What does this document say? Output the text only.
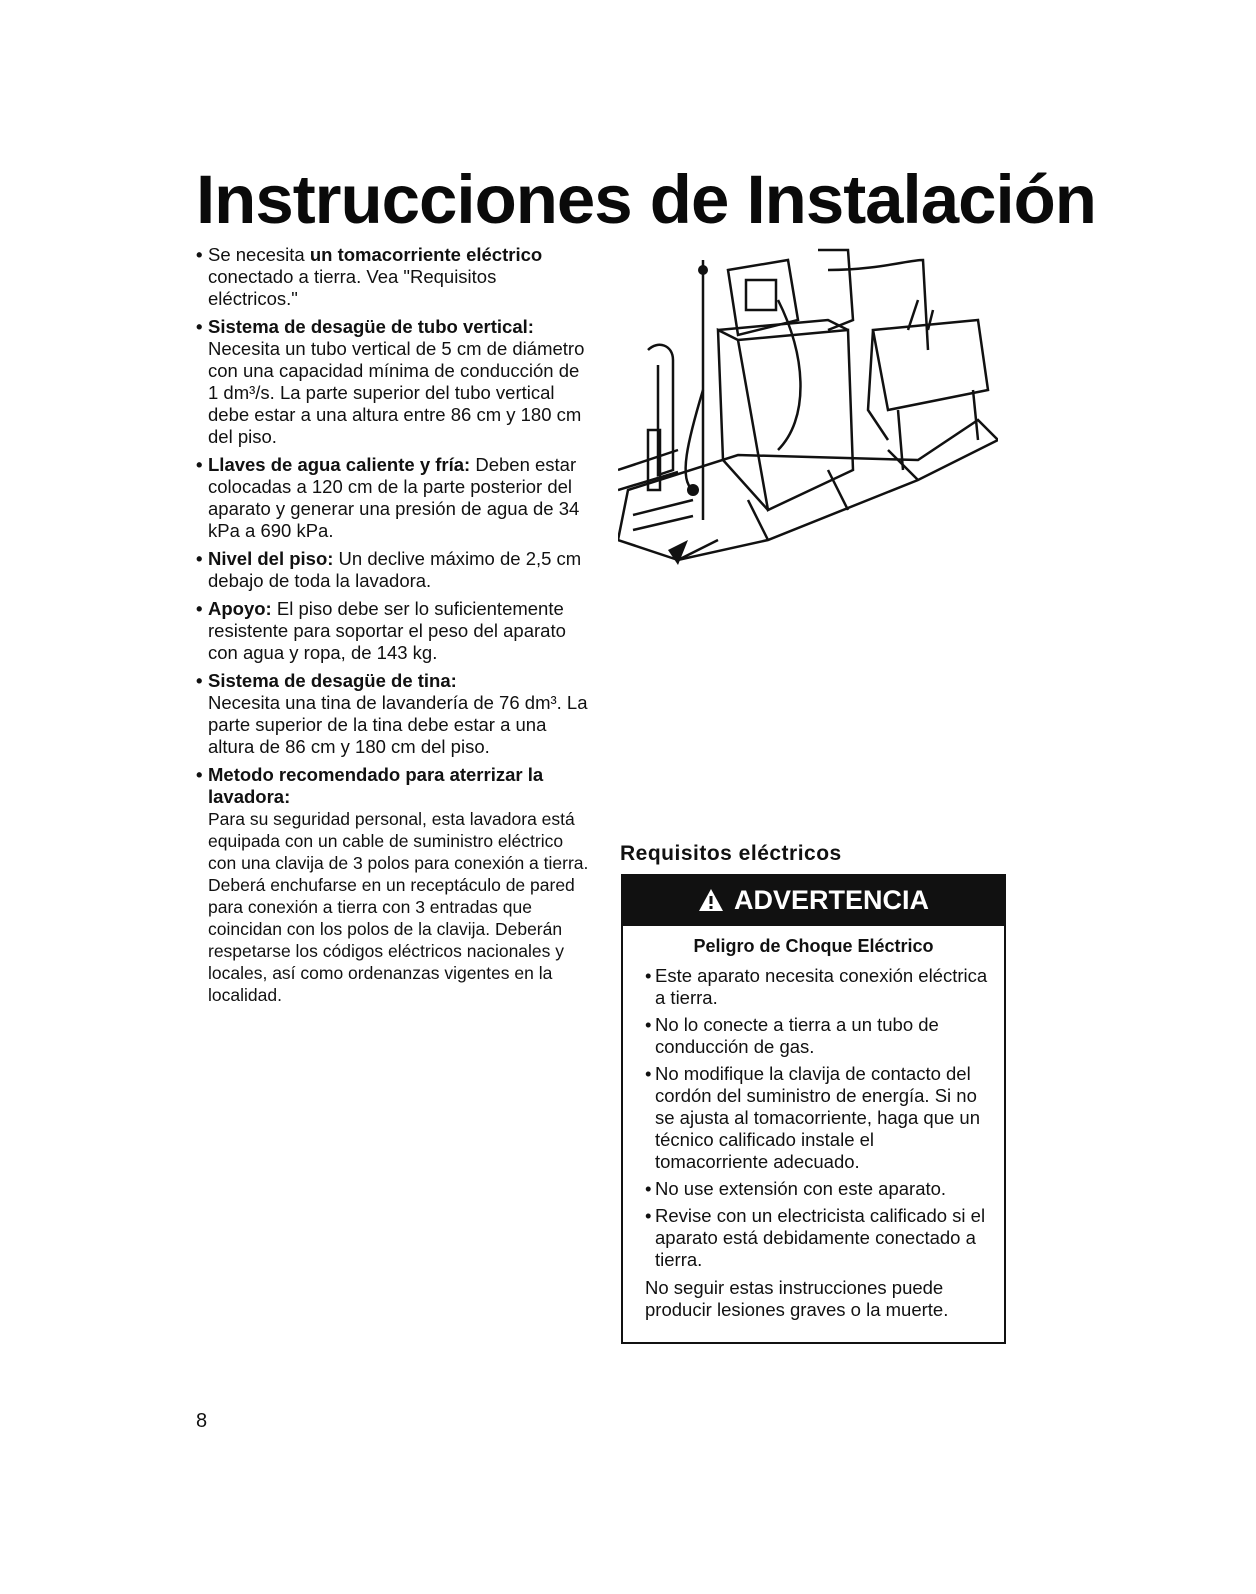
Instrucciones de Instalación
• Se necesita un tomacorriente eléctrico conectado a tierra. Vea "Requisitos eléctricos."
• Sistema de desagüe de tubo vertical: Necesita un tubo vertical de 5 cm de diámetro con una capacidad mínima de conducción de 1 dm³/s. La parte superior del tubo vertical debe estar a una altura entre 86 cm y 180 cm del piso.
• Llaves de agua caliente y fría: Deben estar colocadas a 120 cm de la parte posterior del aparato y generar una presión de agua de 34 kPa a 690 kPa.
• Nivel del piso: Un declive máximo de 2,5 cm debajo de toda la lavadora.
• Apoyo: El piso debe ser lo suficientemente resistente para soportar el peso del aparato con agua y ropa, de 143 kg.
• Sistema de desagüe de tina:
Necesita una tina de lavandería de 76 dm³. La parte superior de la tina debe estar a una altura de 86 cm y 180 cm del piso.
• Metodo recomendado para aterrizar la lavadora:
Para su seguridad personal, esta lavadora está equipada con un cable de suministro eléctrico con una clavija de 3 polos para conexión a tierra. Deberá enchufarse en un receptáculo de pared para conexión a tierra con 3 entradas que coincidan con los polos de la clavija. Deberán respetarse los códigos eléctricos nacionales y locales, así como ordenanzas vigentes en la localidad.
Requisitos eléctricos
ADVERTENCIA
Peligro de Choque Eléctrico
• Este aparato necesita conexión eléctrica a tierra.
• No lo conecte a tierra a un tubo de conducción de gas.
• No modifique la clavija de contacto del cordón del suministro de energía. Si no se ajusta al tomacorriente, haga que un técnico calificado instale el tomacorriente adecuado.
• No use extensión con este aparato.
• Revise con un electricista calificado si el aparato está debidamente conectado a tierra.
No seguir estas instrucciones puede producir lesiones graves o la muerte.
8
